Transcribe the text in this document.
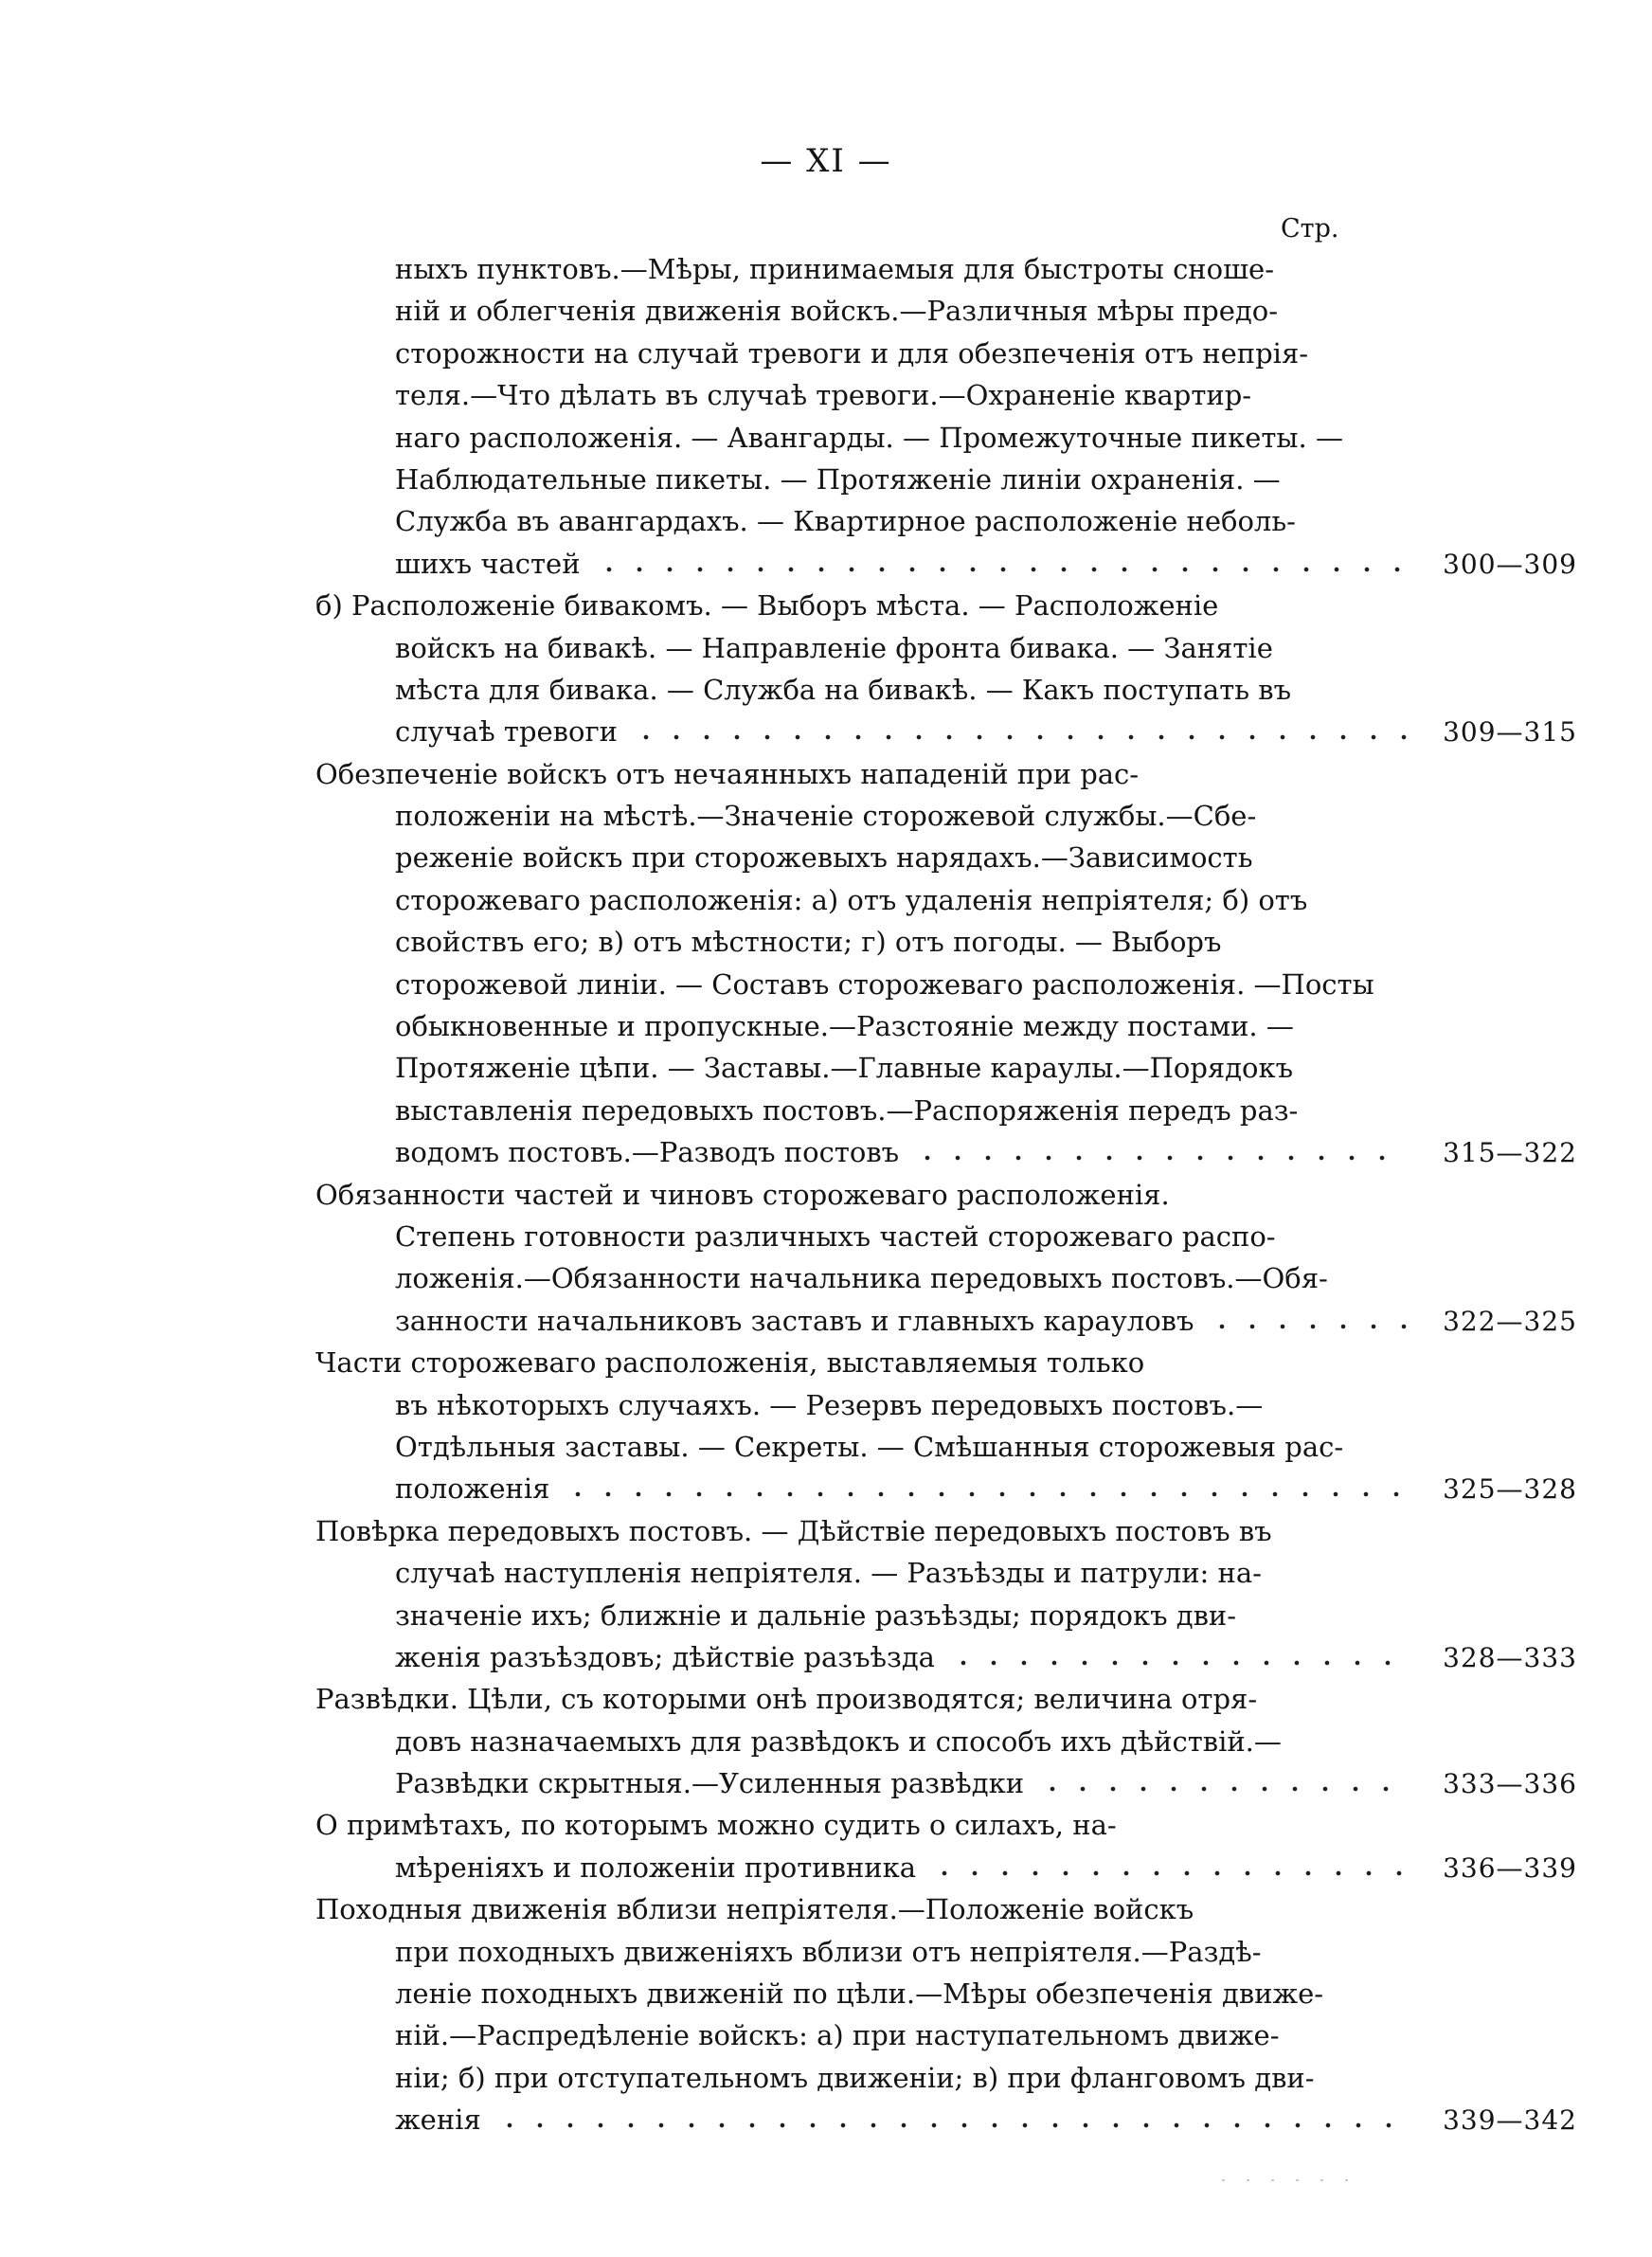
— XI —
Стр.
ныхъ пунктовъ.—Мѣры, принимаемыя для быстроты сноше-
ній и облегченія движенія войскъ.—Различныя мѣры предо-
сторожности на случай тревоги и для обезпеченія отъ непрія-
теля.—Что дѣлать въ случаѣ тревоги.—Охраненіе квартир-
наго расположенія. — Авангарды. — Промежуточные пикеты. —
Наблюдательные пикеты. — Протяженіе линіи охраненія. —
Служба въ авангардахъ. — Квартирное расположеніе неболь-
шихъ частей	300—309
б) Расположеніе бивакомъ. — Выборъ мѣста. — Расположеніе
войскъ на бивакѣ. — Направленіе фронта бивака. — Занятіе
мѣста для бивака. — Служба на бивакѣ. — Какъ поступать въ
случаѣ тревоги	309—315
Обезпеченіе войскъ отъ нечаянныхъ нападеній при рас-
положеніи на мѣстѣ.—Значеніе сторожевой службы.—Сбе-
реженіе войскъ при сторожевыхъ нарядахъ.—Зависимость
сторожеваго расположенія: а) отъ удаленія непріятеля; б) отъ
свойствъ его; в) отъ мѣстности; г) отъ погоды. — Выборъ
сторожевой линіи. — Составъ сторожеваго расположенія. —Посты
обыкновенные и пропускные.—Разстояніе между постами. —
Протяженіе цѣпи. — Заставы.—Главные караулы.—Порядокъ
выставленія передовыхъ постовъ.—Распоряженія передъ раз-
водомъ постовъ.—Разводъ постовъ	315—322
Обязанности частей и чиновъ сторожеваго расположенія.
Степень готовности различныхъ частей сторожеваго распо-
ложенія.—Обязанности начальника передовыхъ постовъ.—Обя-
занности начальниковъ заставъ и главныхъ карауловъ	322—325
Части сторожеваго расположенія, выставляемыя только
въ нѣкоторыхъ случаяхъ. — Резервъ передовыхъ постовъ.—
Отдѣльныя заставы. — Секреты. — Смѣшанныя сторожевыя рас-
положенія	325—328
Повѣрка передовыхъ постовъ. — Дѣйствіе передовыхъ постовъ въ
случаѣ наступленія непріятеля. — Разъѣзды и патрули: на-
значеніе ихъ; ближніе и дальніе разъѣзды; порядокъ дви-
женія разъѣздовъ; дѣйствіе разъѣзда	328—333
Развѣдки. Цѣли, съ которыми онѣ производятся; величина отря-
довъ назначаемыхъ для развѣдокъ и способъ ихъ дѣйствій.—
Развѣдки скрытныя.—Усиленныя развѣдки	333—336
О примѣтахъ, по которымъ можно судить о силахъ, на-
мѣреніяхъ и положеніи противника	336—339
Походныя движенія вблизи непріятеля.—Положеніе войскъ
при походныхъ движеніяхъ вблизи отъ непріятеля.—Раздѣ-
леніе походныхъ движеній по цѣли.—Мѣры обезпеченія движе-
ній.—Распредѣленіе войскъ: а) при наступательномъ движе-
ніи; б) при отступательномъ движеніи; в) при фланговомъ дви-
женія	339—342
